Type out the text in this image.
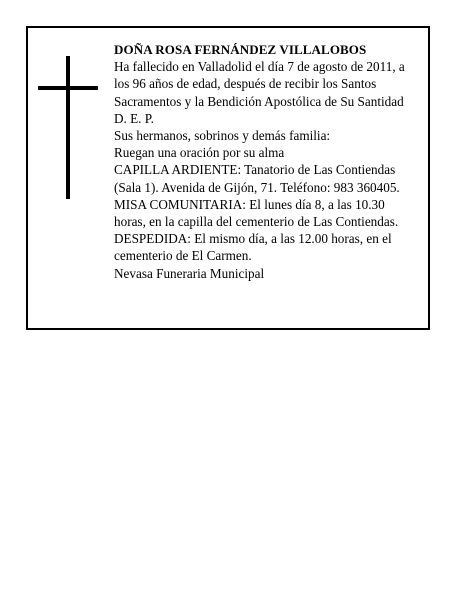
DOÑA ROSA FERNÁNDEZ VILLALOBOS
Ha fallecido en Valladolid el día 7 de agosto de 2011, a
los 96 años de edad, después de recibir los Santos
Sacramentos y la Bendición Apostólica de Su Santidad
D. E. P.
Sus hermanos, sobrinos y demás familia:
Ruegan una oración por su alma
CAPILLA ARDIENTE: Tanatorio de Las Contiendas
(Sala 1). Avenida de Gijón, 71. Teléfono: 983 360405.
MISA COMUNITARIA: El lunes día 8, a las 10.30
horas, en la capilla del cementerio de Las Contiendas.
DESPEDIDA: El mismo día, a las 12.00 horas, en el
cementerio de El Carmen.
Nevasa Funeraria Municipal
